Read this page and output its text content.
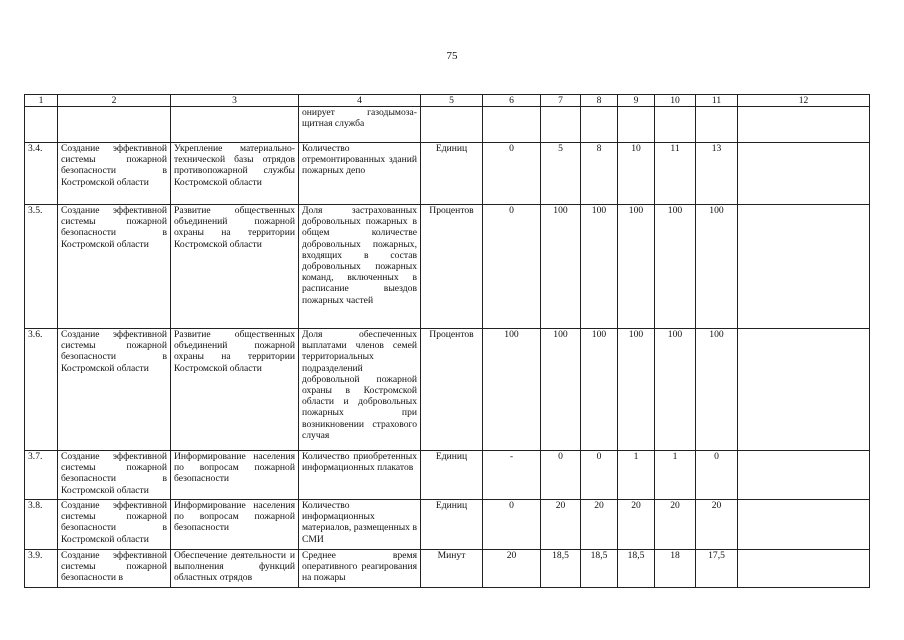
75
1	2	3	4	5	6	7	8	9	10	11	12
			онирует газодымоза-щитная служба								
3.4.	Создание эффективной системы пожарной безопасности в Костромской области	Укрепление материально-технической базы отрядов противопожарной службы Костромской области	Количество отремонтированных зданий пожарных депо	Единиц	0	5	8	10	11	13	
3.5.	Создание эффективной системы пожарной безопасности в Костромской области	Развитие общественных объединений пожарной охраны на территории Костромской области	Доля застрахованных добровольных пожарных в общем количестве добровольных пожарных, входящих в состав добровольных пожарных команд, включенных в расписание выездов пожарных частей	Процентов	0	100	100	100	100	100	
3.6.	Создание эффективной системы пожарной безопасности в Костромской области	Развитие общественных объединений пожарной охраны на территории Костромской области	Доля обеспеченных выплатами членов семей территориальных подразделений добровольной пожарной охраны в Костромской области и добровольных пожарных при возникновении страхового случая	Процентов	100	100	100	100	100	100	
3.7.	Создание эффективной системы пожарной безопасности в Костромской области	Информирование населения по вопросам пожарной безопасности	Количество приобретенных информационных плакатов	Единиц	-	0	0	1	1	0	
3.8.	Создание эффективной системы пожарной безопасности в Костромской области	Информирование населения по вопросам пожарной безопасности	Количество информационных материалов, размещенных в СМИ	Единиц	0	20	20	20	20	20	
3.9.	Создание эффективной системы пожарной безопасности в	Обеспечение деятельности и выполнения функций областных отрядов	Среднее время оперативного реагирования на пожары	Минут	20	18,5	18,5	18,5	18	17,5	
